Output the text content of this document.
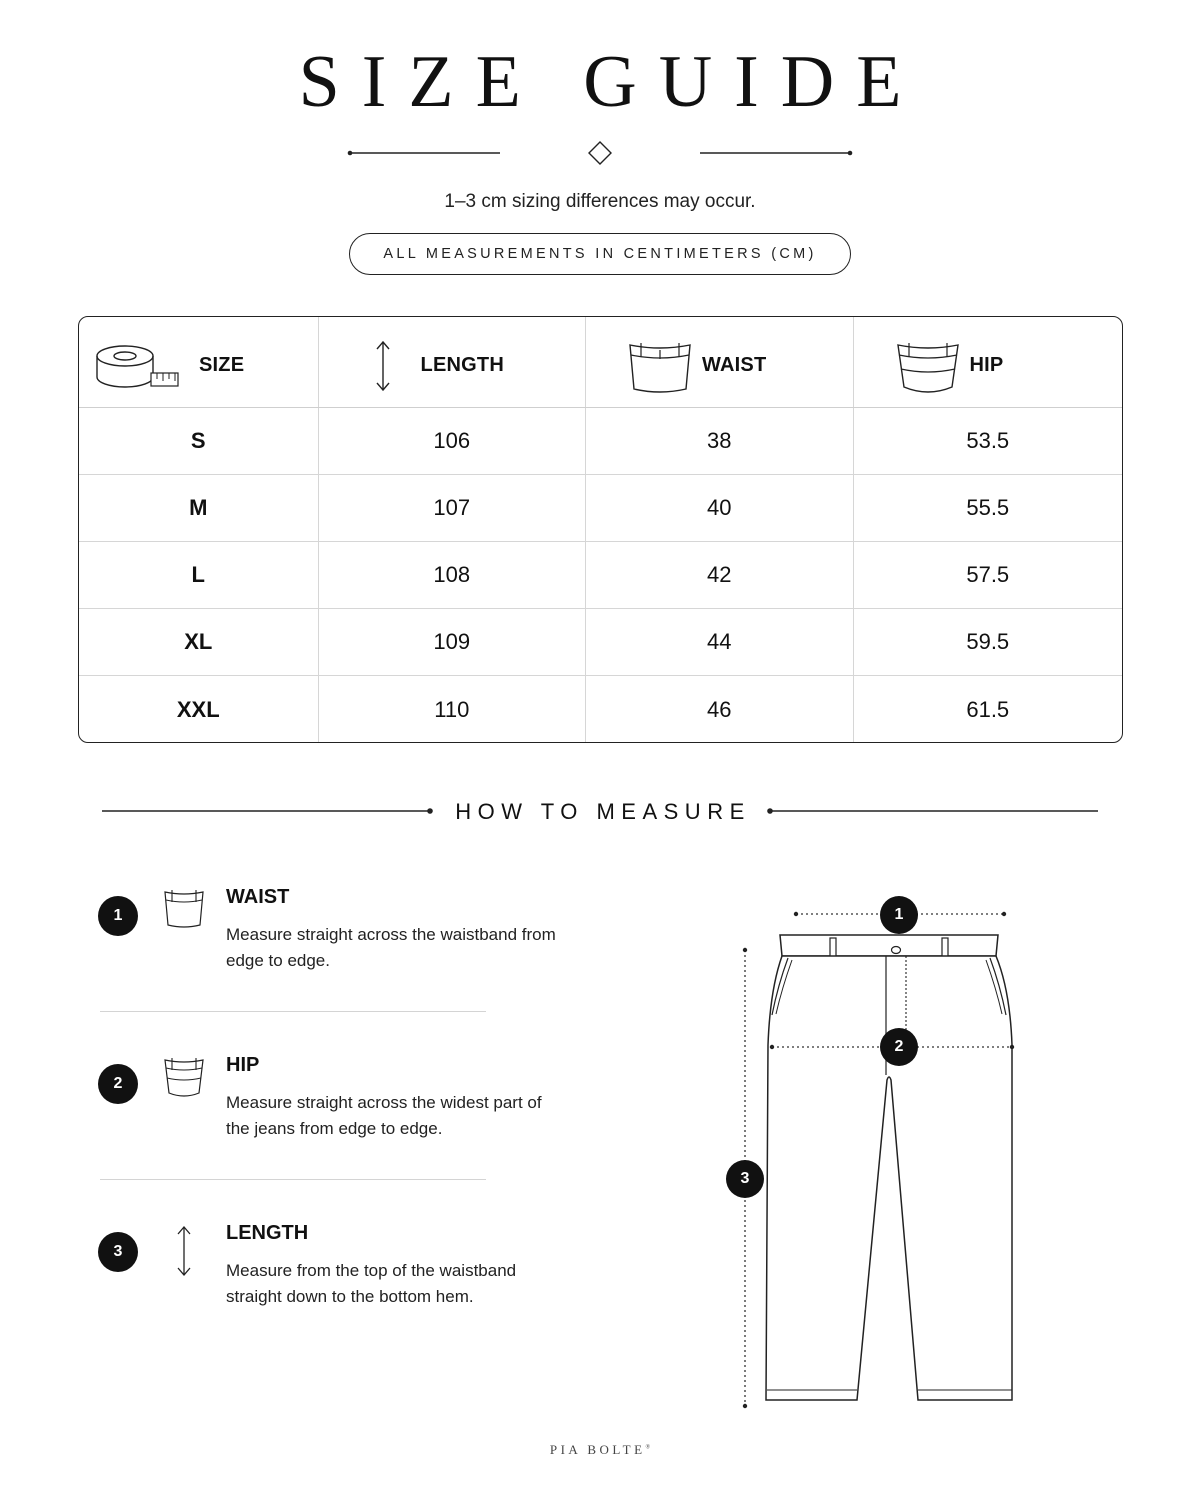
SIZE GUIDE
1–3 cm sizing differences may occur.
ALL MEASUREMENTS IN CENTIMETERS (CM)
SIZE	LENGTH	WAIST	HIP
S	106	38	53.5
M	107	40	55.5
L	108	42	57.5
XL	109	44	59.5
XXL	110	46	61.5
HOW TO MEASURE
1
WAIST
Measure straight across the waistband from edge to edge.
2
HIP
Measure straight across the widest part of the jeans from edge to edge.
3
LENGTH
Measure from the top of the waistband straight down to the bottom hem.
1
2
3
PIA BOLTE®
